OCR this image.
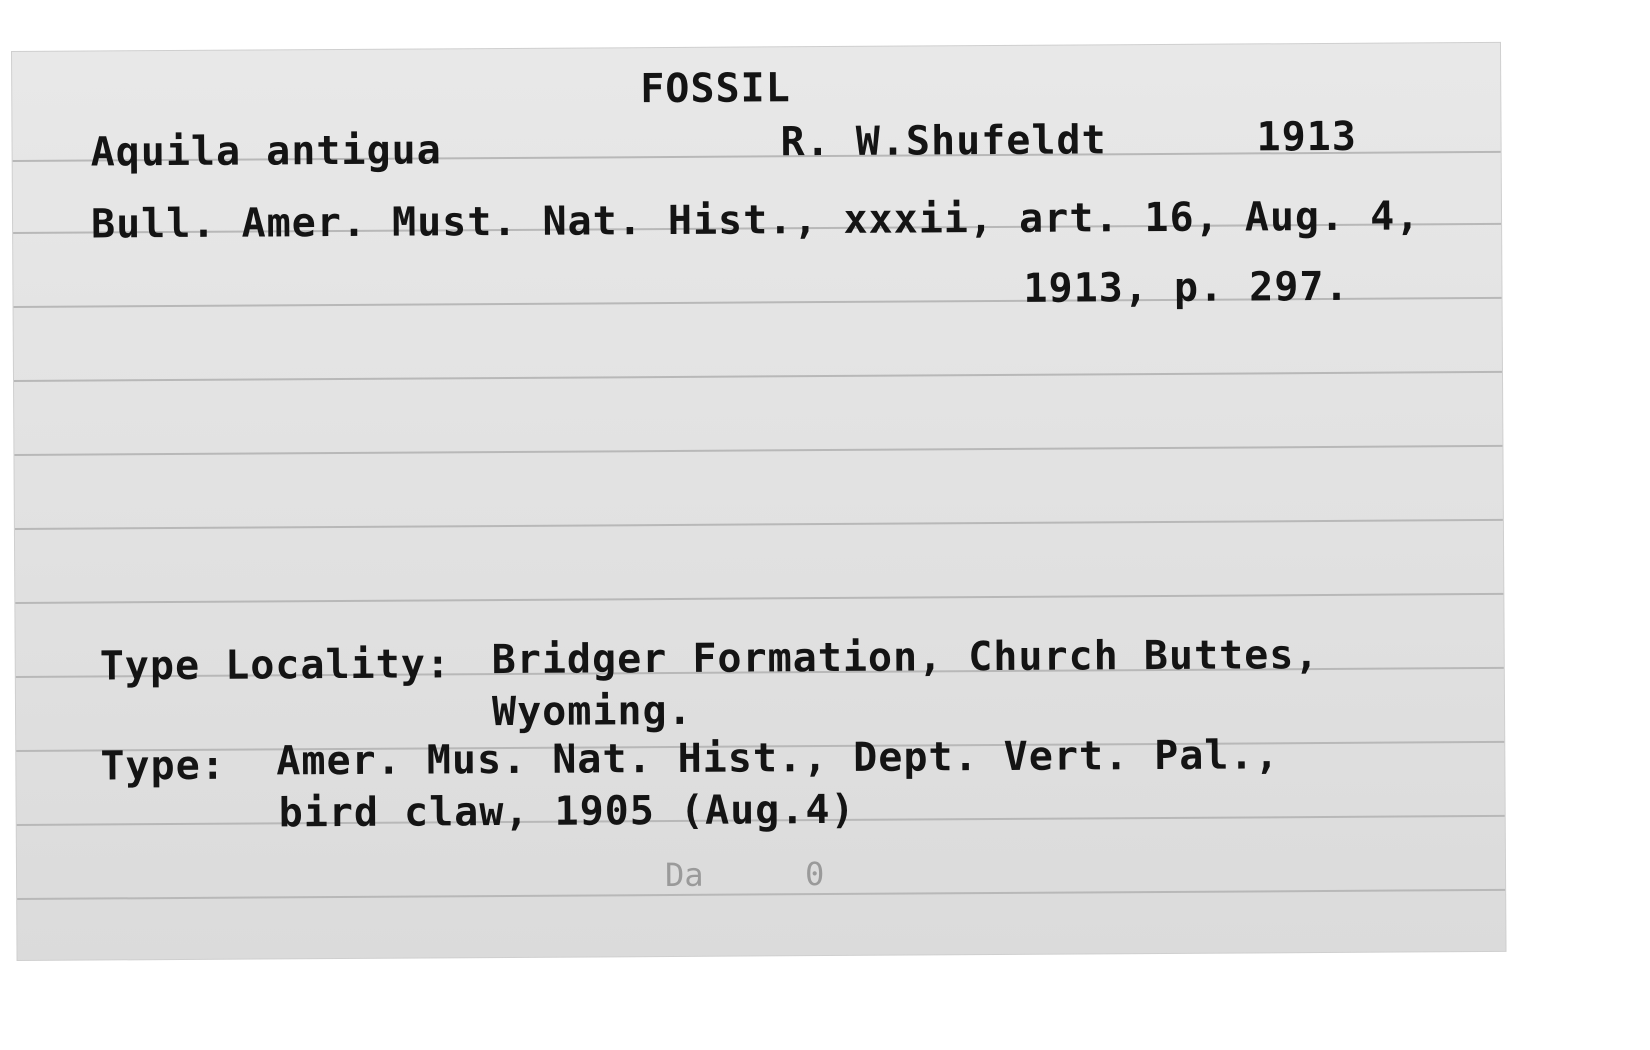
FOSSIL
Aquila antigua	R. W.Shufeldt	1913
Bull. Amer. Must. Nat. Hist., xxxii, art. 16, Aug. 4,
1913, p. 297.
Type Locality: Bridger Formation, Church Buttes,
Wyoming.
Type: Amer. Mus. Nat. Hist., Dept. Vert. Pal.,
bird claw, 1905 (Aug.4)
Da	0
